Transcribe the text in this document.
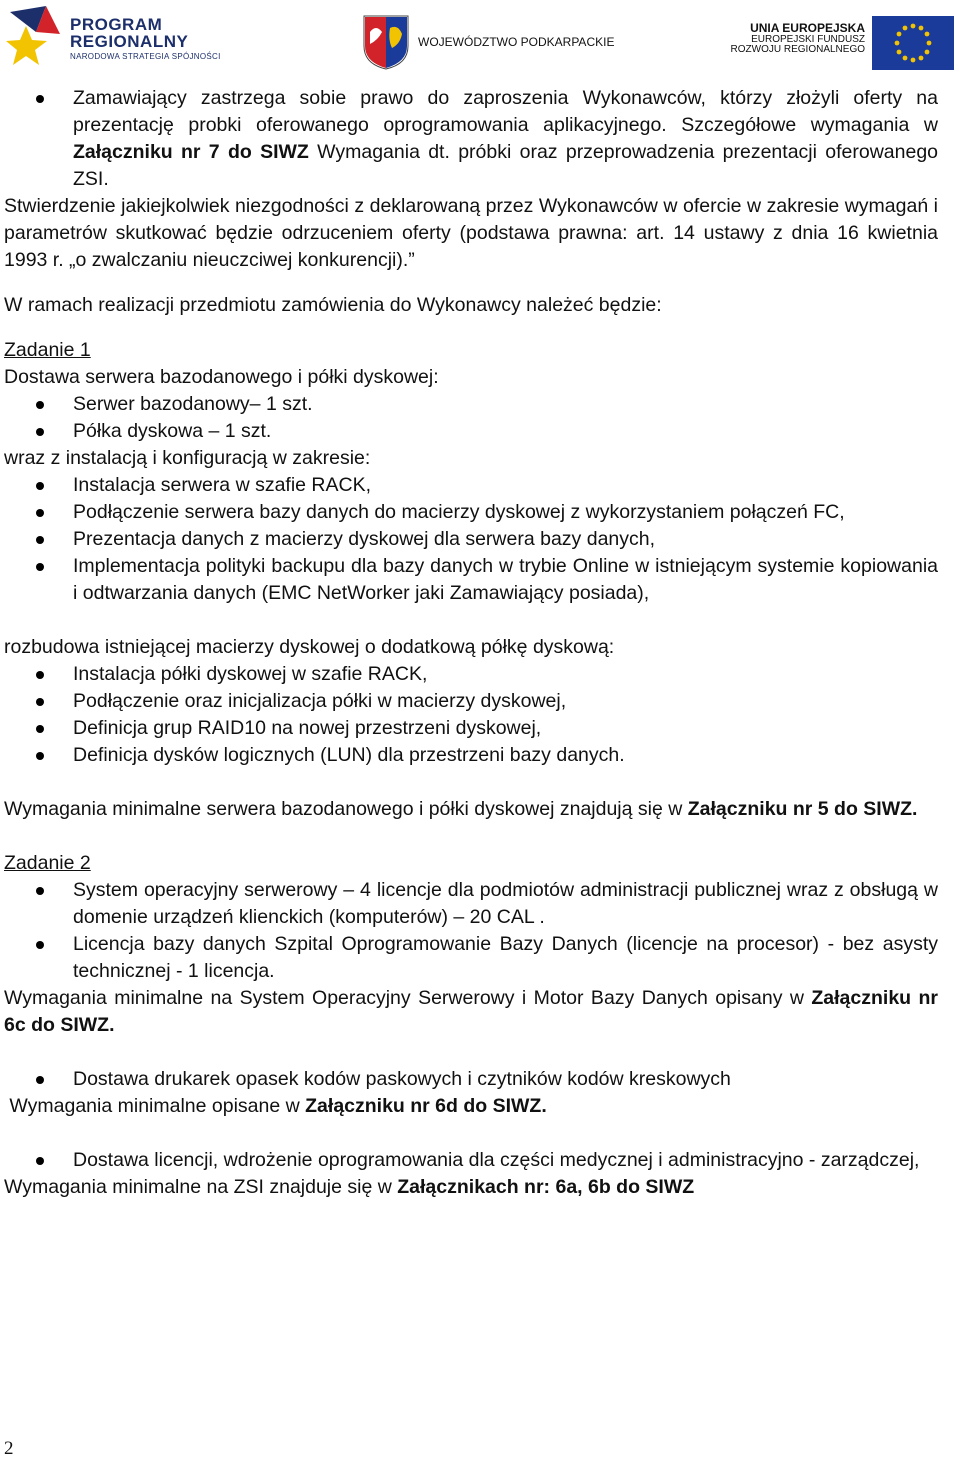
PROGRAM
REGIONALNY
NARODOWA STRATEGIA SPÓJNOŚCI
WOJEWÓDZTWO PODKARPACKIE
UNIA EUROPEJSKA
EUROPEJSKI FUNDUSZ
ROZWOJU REGIONALNEGO
Zamawiający zastrzega sobie prawo do zaproszenia Wykonawców, którzy złożyli oferty na prezentację probki oferowanego oprogramowania aplikacyjnego. Szczegółowe wymagania w Załączniku nr 7 do SIWZ Wymagania dt. próbki oraz przeprowadzenia prezentacji oferowanego ZSI.

Stwierdzenie jakiejkolwiek niezgodności z deklarowaną przez Wykonawców w ofercie w zakresie wymagań i parametrów skutkować będzie odrzuceniem oferty (podstawa prawna: art. 14 ustawy z dnia 16 kwietnia 1993 r. „o zwalczaniu nieuczciwej konkurencji).”

W ramach realizacji przedmiotu zamówienia do Wykonawcy należeć będzie:

Zadanie 1

Dostawa serwera bazodanowego i półki dyskowej:

Serwer bazodanowy– 1 szt.
Półka dyskowa – 1 szt.

wraz z instalacją i konfiguracją w zakresie:

Instalacja serwera w szafie RACK,
Podłączenie serwera bazy danych do macierzy dyskowej z wykorzystaniem połączeń FC,
Prezentacja danych z macierzy dyskowej dla serwera bazy danych,
Implementacja polityki backupu dla bazy danych w trybie Online w istniejącym systemie kopiowania i odtwarzania danych (EMC NetWorker jaki Zamawiający posiada),

rozbudowa istniejącej macierzy dyskowej o dodatkową półkę dyskową:

Instalacja półki dyskowej w szafie RACK,
Podłączenie oraz inicjalizacja półki w macierzy dyskowej,
Definicja grup RAID10 na nowej przestrzeni dyskowej,
Definicja dysków logicznych (LUN) dla przestrzeni bazy danych.

Wymagania minimalne serwera bazodanowego i półki dyskowej znajdują się w Załączniku nr 5 do SIWZ.

Zadanie 2

System operacyjny serwerowy – 4 licencje dla podmiotów administracji publicznej wraz z obsługą w domenie urządzeń klienckich (komputerów) – 20 CAL .
Licencja bazy danych Szpital Oprogramowanie Bazy Danych (licencje na procesor) - bez asysty technicznej - 1 licencja.

Wymagania minimalne na System Operacyjny Serwerowy i Motor Bazy Danych opisany w Załączniku nr 6c do SIWZ.

Dostawa drukarek opasek kodów paskowych i czytników kodów kreskowych

Wymagania minimalne opisane w Załączniku nr 6d do SIWZ.

Dostawa licencji, wdrożenie oprogramowania dla części medycznej i administracyjno - zarządczej,

Wymagania minimalne na ZSI znajduje się w Załącznikach nr: 6a, 6b do SIWZ

2
